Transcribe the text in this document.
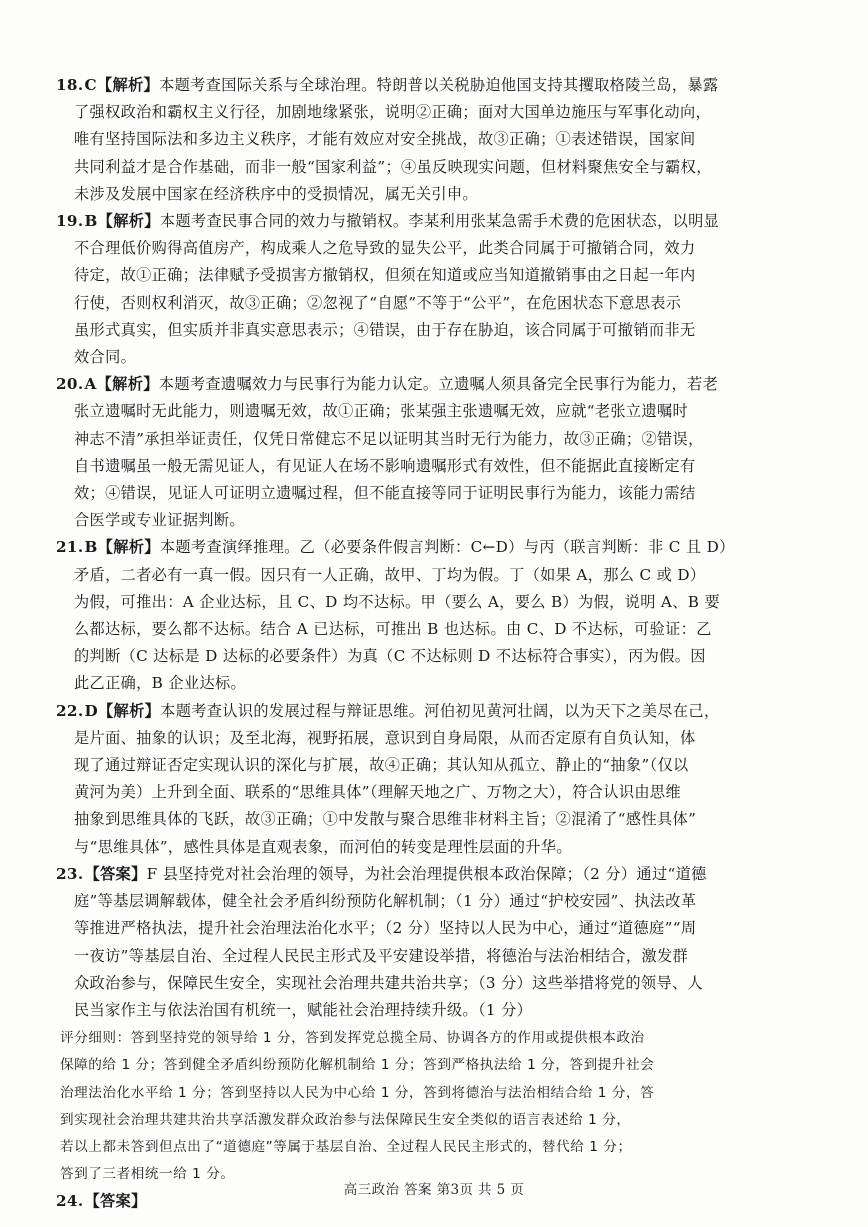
18.C【解析】本题考查国际关系与全球治理。特朗普以关税胁迫他国支持其攫取格陵兰岛，暴露
了强权政治和霸权主义行径，加剧地缘紧张，说明②正确；面对大国单边施压与军事化动向，
唯有坚持国际法和多边主义秩序，才能有效应对安全挑战，故③正确；①表述错误，国家间
共同利益才是合作基础，而非一般“国家利益”；④虽反映现实问题，但材料聚焦安全与霸权，
未涉及发展中国家在经济秩序中的受损情况，属无关引申。
19.B【解析】本题考查民事合同的效力与撤销权。李某利用张某急需手术费的危困状态，以明显
不合理低价购得高值房产，构成乘人之危导致的显失公平，此类合同属于可撤销合同，效力
待定，故①正确；法律赋予受损害方撤销权，但须在知道或应当知道撤销事由之日起一年内
行使，否则权利消灭，故③正确；②忽视了“自愿”不等于“公平”，在危困状态下意思表示
虽形式真实，但实质并非真实意思表示；④错误，由于存在胁迫，该合同属于可撤销而非无
效合同。
20.A【解析】本题考查遗嘱效力与民事行为能力认定。立遗嘱人须具备完全民事行为能力，若老
张立遗嘱时无此能力，则遗嘱无效，故①正确；张某强主张遗嘱无效，应就“老张立遗嘱时
神志不清”承担举证责任，仅凭日常健忘不足以证明其当时无行为能力，故③正确；②错误，
自书遗嘱虽一般无需见证人，有见证人在场不影响遗嘱形式有效性，但不能据此直接断定有
效；④错误，见证人可证明立遗嘱过程，但不能直接等同于证明民事行为能力，该能力需结
合医学或专业证据判断。
21.B【解析】本题考查演绎推理。乙（必要条件假言判断：C←D）与丙（联言判断：非 C 且 D）
矛盾，二者必有一真一假。因只有一人正确，故甲、丁均为假。丁（如果 A，那么 C 或 D）
为假，可推出：A 企业达标，且 C、D 均不达标。甲（要么 A，要么 B）为假，说明 A、B 要
么都达标，要么都不达标。结合 A 已达标，可推出 B 也达标。由 C、D 不达标，可验证：乙
的判断（C 达标是 D 达标的必要条件）为真（C 不达标则 D 不达标符合事实），丙为假。因
此乙正确，B 企业达标。
22.D【解析】本题考查认识的发展过程与辩证思维。河伯初见黄河壮阔，以为天下之美尽在己，
是片面、抽象的认识；及至北海，视野拓展，意识到自身局限，从而否定原有自负认知，体
现了通过辩证否定实现认识的深化与扩展，故④正确；其认知从孤立、静止的“抽象”（仅以
黄河为美）上升到全面、联系的“思维具体”（理解天地之广、万物之大），符合认识由思维
抽象到思维具体的飞跃，故③正确；①中发散与聚合思维非材料主旨；②混淆了“感性具体”
与“思维具体”，感性具体是直观表象，而河伯的转变是理性层面的升华。
23.【答案】F 县坚持党对社会治理的领导，为社会治理提供根本政治保障；（2 分）通过“道德
庭”等基层调解载体，健全社会矛盾纠纷预防化解机制；（1 分）通过“护校安园”、执法改革
等推进严格执法，提升社会治理法治化水平；（2 分）坚持以人民为中心，通过“道德庭”“周
一夜访”等基层自治、全过程人民民主形式及平安建设举措，将德治与法治相结合，激发群
众政治参与，保障民生安全，实现社会治理共建共治共享；（3 分）这些举措将党的领导、人
民当家作主与依法治国有机统一，赋能社会治理持续升级。（1 分）
评分细则：答到坚持党的领导给 1 分，答到发挥党总揽全局、协调各方的作用或提供根本政治
保障的给 1 分；答到健全矛盾纠纷预防化解机制给 1 分；答到严格执法给 1 分，答到提升社会
治理法治化水平给 1 分；答到坚持以人民为中心给 1 分，答到将德治与法治相结合给 1 分，答
到实现社会治理共建共治共享活激发群众政治参与法保障民生安全类似的语言表述给 1 分，
若以上都未答到但点出了“道德庭”等属于基层自治、全过程人民民主形式的，替代给 1 分；
答到了三者相统一给 1 分。
24.【答案】
高三政治 答案 第3页 共 5 页
